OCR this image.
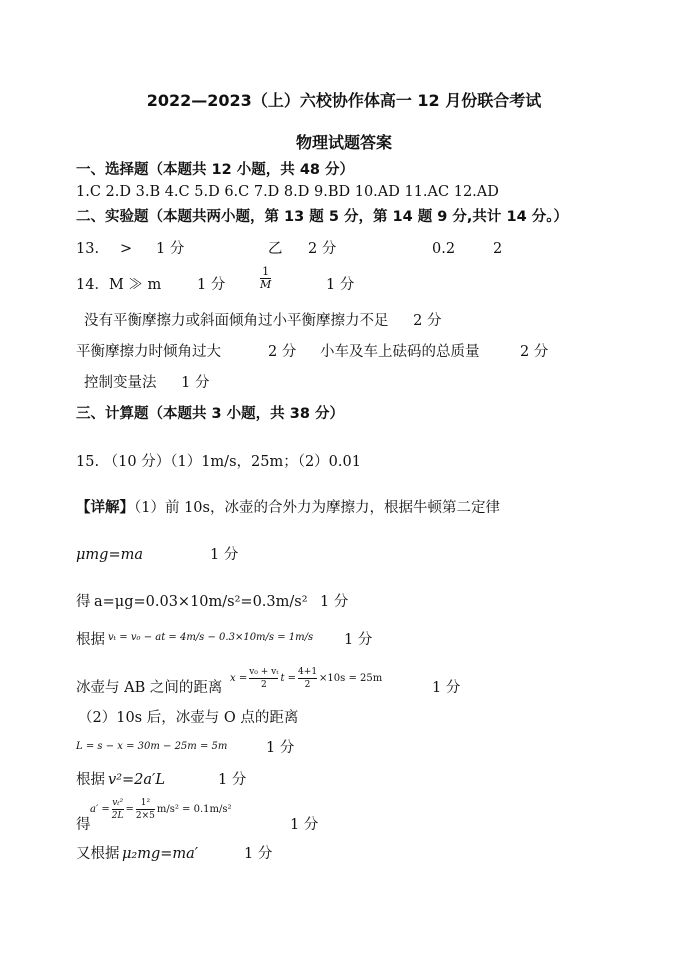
2022—2023（上）六校协作体高一 12 月份联合考试
物理试题答案
一、选择题（本题共 12 小题，共 48 分）
1.C 2.D 3.B 4.C 5.D 6.C 7.D 8.D 9.BD 10.AD 11.AC 12.AD
二、实验题（本题共两小题，第 13 题 5 分，第 14 题 9 分,共计 14 分。）
13. > 1 分	乙 2 分	0.2	2
14．M ≫ m 1 分
1
M	1 分
没有平衡摩擦力或斜面倾角过小平衡摩擦力不足 2 分
平衡摩擦力时倾角过大	2 分 小车及车上砝码的总质量	2 分
控制变量法 1 分
三、计算题（本题共 3 小题，共 38 分）
15. （10 分）（1）1m/s，25m；（2）0.01
【详解】（1）前 10s，冰壶的合外力为摩擦力，根据牛顿第二定律
μmg=ma	1 分
得 a=μg=0.03×10m/s²=0.3m/s² 1 分
根据 vₜ = v₀ − at = 4m/s − 0.3×10m/s = 1m/s 1 分
冰壶与 AB 之间的距离
$x = \frac{\text{v₀ + vₜ}}{2}$ $t = \frac{4+1}{2} \times 10s = 25m$
1 分
（2）10s 后，冰壶与 O 点的距离
L = s − x = 30m − 25m = 5m	1 分
根据 v²=2a′L	1 分
得
$a' = \frac{\text{vₜ²}}{2L} = \frac{\text{1²}}{2\times 5} m/s^2 = 0.1m/s^2$
1 分
又根据 μ₂mg=ma′	1 分
